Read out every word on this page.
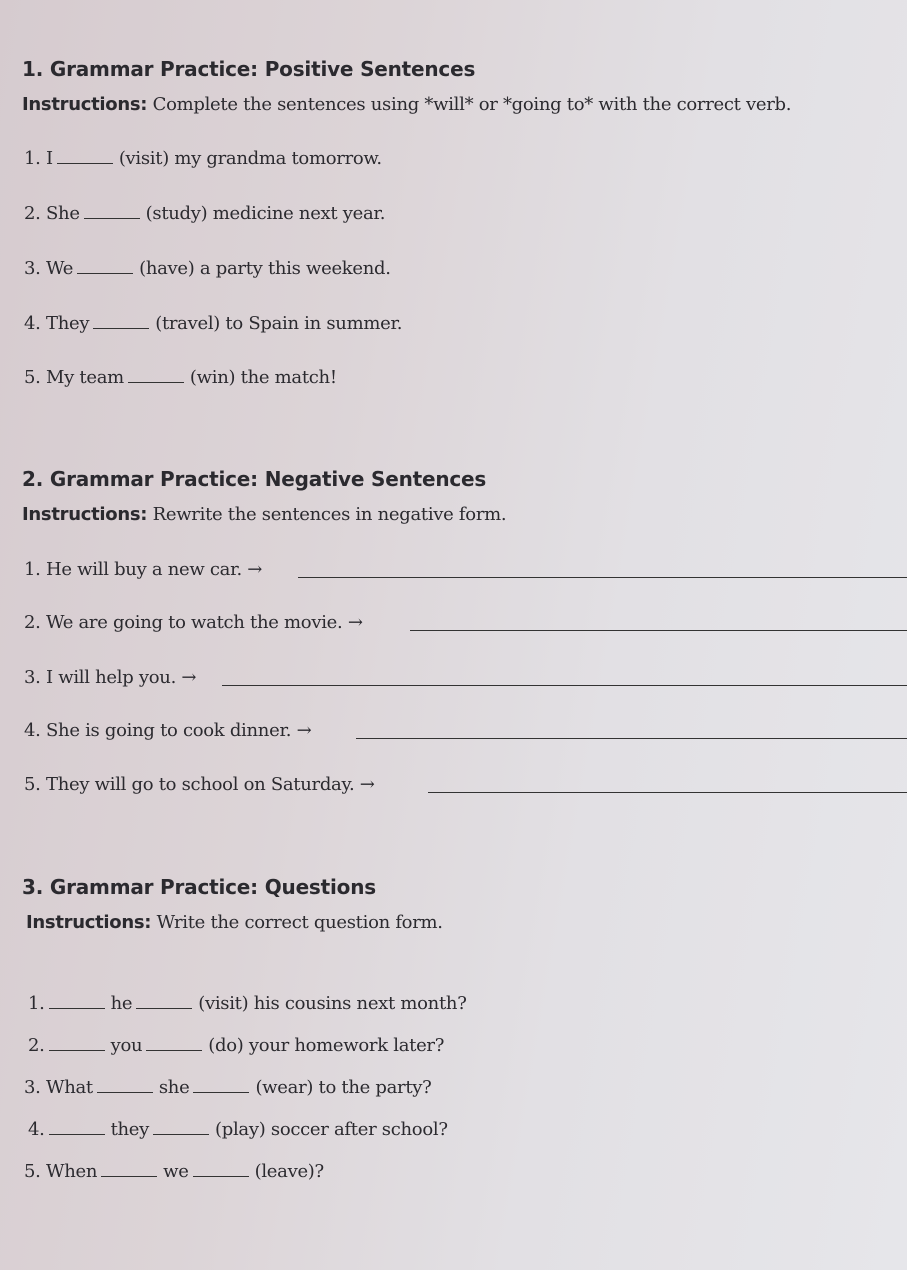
1. Grammar Practice: Positive Sentences
Instructions: Complete the sentences using *will* or *going to* with the correct verb.
1. I	(visit) my grandma tomorrow.
2. She	(study) medicine next year.
3. We	(have) a party this weekend.
4. They	(travel) to Spain in summer.
5. My team	(win) the match!
2. Grammar Practice: Negative Sentences
Instructions: Rewrite the sentences in negative form.
1. He will buy a new car. →
2. We are going to watch the movie. →
3. I will help you. →
4. She is going to cook dinner. →
5. They will go to school on Saturday. →
3. Grammar Practice: Questions
Instructions: Write the correct question form.
1.	he	(visit) his cousins next month?
2.	you	(do) your homework later?
3. What	she	(wear) to the party?
4.	they	(play) soccer after school?
5. When	we	(leave)?
